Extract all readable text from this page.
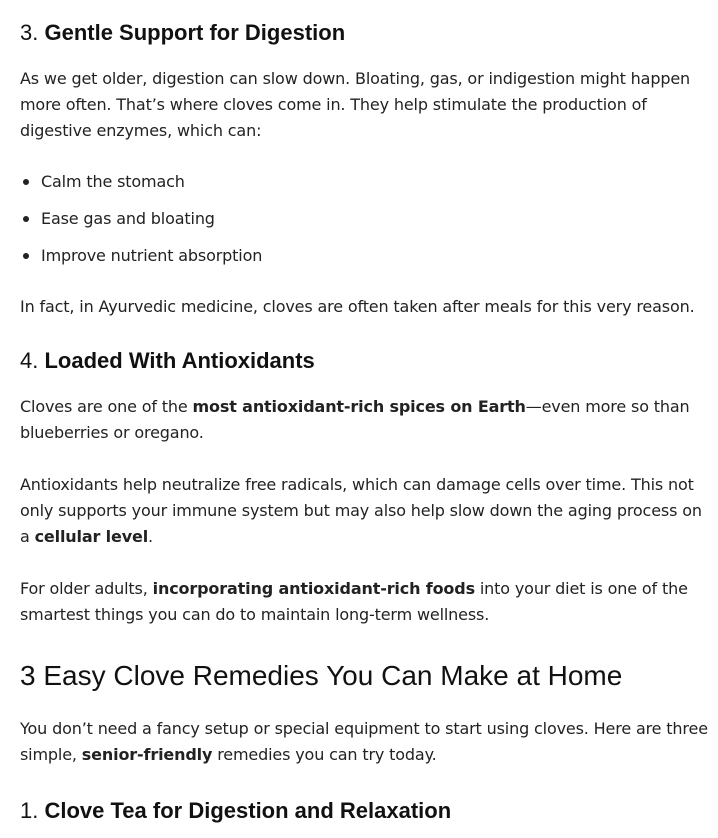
3. Gentle Support for Digestion

As we get older, digestion can slow down. Bloating, gas, or indigestion might happen more often. That’s where cloves come in. They help stimulate the production of digestive enzymes, which can:

Calm the stomach
Ease gas and bloating
Improve nutrient absorption

In fact, in Ayurvedic medicine, cloves are often taken after meals for this very reason.

4. Loaded With Antioxidants

Cloves are one of the most antioxidant-rich spices on Earth—even more so than blueberries or oregano.

Antioxidants help neutralize free radicals, which can damage cells over time. This not only supports your immune system but may also help slow down the aging process on a cellular level.

For older adults, incorporating antioxidant-rich foods into your diet is one of the smartest things you can do to maintain long-term wellness.

3 Easy Clove Remedies You Can Make at Home

You don’t need a fancy setup or special equipment to start using cloves. Here are three simple, senior-friendly remedies you can try today.

1. Clove Tea for Digestion and Relaxation
